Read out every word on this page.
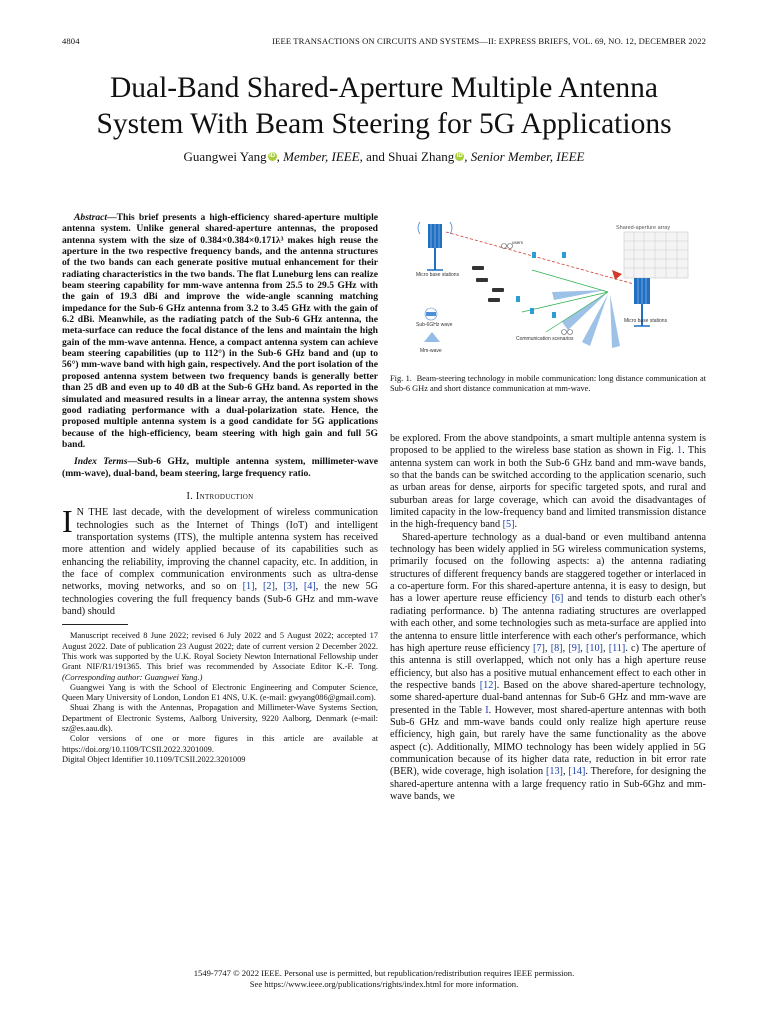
4804	IEEE TRANSACTIONS ON CIRCUITS AND SYSTEMS—II: EXPRESS BRIEFS, VOL. 69, NO. 12, DECEMBER 2022
Dual-Band Shared-Aperture Multiple Antenna
System With Beam Steering for 5G Applications
Guangwei Yang iD , Member, IEEE, and Shuai Zhang iD , Senior Member, IEEE

Abstract—This brief presents a high-efficiency shared-aperture multiple antenna system. Unlike general shared-aperture antennas, the proposed antenna system with the size of 0.384×0.384×0.171λ³ makes high reuse the aperture in the two respective frequency bands, and the antenna structures of the two bands can each generate positive mutual enhancement for their radiating characteristics in the two bands. The flat Luneburg lens can realize beam steering capability for mm-wave antenna from 25.5 to 29.5 GHz with the gain of 19.3 dBi and improve the wide-angle scanning matching impedance for the Sub-6 GHz antenna from 3.2 to 3.45 GHz with the gain of 6.2 dBi. Meanwhile, as the radiating patch of the Sub-6 GHz antenna, the meta-surface can reduce the focal distance of the lens and maintain the high gain of the mm-wave antenna. Hence, a compact antenna system can achieve beam steering capabilities (up to 112°) in the Sub-6 GHz band and (up to 56°) mm-wave band with high gain, respectively. And the port isolation of the proposed antenna system between two frequency bands is generally better than 25 dB and even up to 40 dB at the Sub-6 GHz band. As reported in the simulated and measured results in a linear array, the antenna system shows good radiating performance with a dual-polarization state. Hence, the proposed multiple antenna system is a good candidate for 5G applications because of the high-efficiency, beam steering with high gain and full 5G band.

Index Terms—Sub-6 GHz, multiple antenna system, millimeter-wave (mm-wave), dual-band, beam steering, large frequency ratio.
I. Introduction

I N THE last decade, with the development of wireless communication technologies such as the Internet of Things (IoT) and intelligent transportation systems (ITS), the multiple antenna system has received more attention and widely applied because of its capabilities such as enhancing the reliability, improving the channel capacity, etc. In addition, in the face of complex communication environments such as ultra-dense networks, moving networks, and so on [1], [2], [3], [4], the new 5G technologies covering the full frequency bands (Sub-6 GHz and mm-wave band) should

Manuscript received 8 June 2022; revised 6 July 2022 and 5 August 2022; accepted 17 August 2022. Date of publication 23 August 2022; date of current version 2 December 2022. This work was supported by the U.K. Royal Society Newton International Fellowship under Grant NIF/R1/191365. This brief was recommended by Associate Editor K.-F. Tong. (Corresponding author: Guangwei Yang.)

Guangwei Yang is with the School of Electronic Engineering and Computer Science, Queen Mary University of London, London E1 4NS, U.K. (e-mail: gwyang086@gmail.com).

Shuai Zhang is with the Antennas, Propagation and Millimeter-Wave Systems Section, Department of Electronic Systems, Aalborg University, 9220 Aalborg, Denmark (e-mail: sz@es.aau.dk).

Color versions of one or more figures in this article are available at https://doi.org/10.1109/TCSII.2022.3201009.

Digital Object Identifier 10.1109/TCSII.2022.3201009

Shared-aperture array
Micro base stations
Sub-6GHz wave
Mm-wave
Communication scenarios
Micro base stations
users
Fig. 1. Beam-steering technology in mobile communication: long distance communication at Sub-6 GHz and short distance communication at mm-wave.

be explored. From the above standpoints, a smart multiple antenna system is proposed to be applied to the wireless base station as shown in Fig. 1. This antenna system can work in both the Sub-6 GHz band and mm-wave bands, so that the bands can be switched according to the application scenario, such as urban areas for dense, airports for specific targeted spots, and rural and suburban areas for large coverage, which can avoid the disadvantages of limited capacity in the low-frequency band and limited transmission distance in the high-frequency band [5].

Shared-aperture technology as a dual-band or even multiband antenna technology has been widely applied in 5G wireless communication systems, primarily focused on the following aspects: a) the antenna radiating structures of different frequency bands are staggered together or interlaced in a co-aperture form. For this shared-aperture antenna, it is easy to design, but has a lower aperture reuse efficiency [6] and tends to disturb each other's radiating performance. b) The antenna radiating structures are overlapped with each other, and some technologies such as meta-surface are applied into the antenna to ensure little interference with each other's performance, which has high aperture reuse efficiency [7], [8], [9], [10], [11]. c) The aperture of this antenna is still overlapped, which not only has a high aperture reuse efficiency, but also has a positive mutual enhancement effect to each other in the respective bands [12]. Based on the above shared-aperture technology, some shared-aperture dual-band antennas for Sub-6 GHz and mm-wave are presented in the Table I. However, most shared-aperture antennas with both Sub-6 GHz and mm-wave bands could only realize high aperture reuse efficiency, high gain, but rarely have the same functionality as the above aspect (c). Additionally, MIMO technology has been widely applied in 5G communication because of its higher data rate, reduction in bit error rate (BER), wide coverage, high isolation [13], [14]. Therefore, for designing the shared-aperture antenna with a large frequency ratio in Sub-6Ghz and mm-wave bands, we

1549-7747 © 2022 IEEE. Personal use is permitted, but republication/redistribution requires IEEE permission.
See https://www.ieee.org/publications/rights/index.html for more information.
